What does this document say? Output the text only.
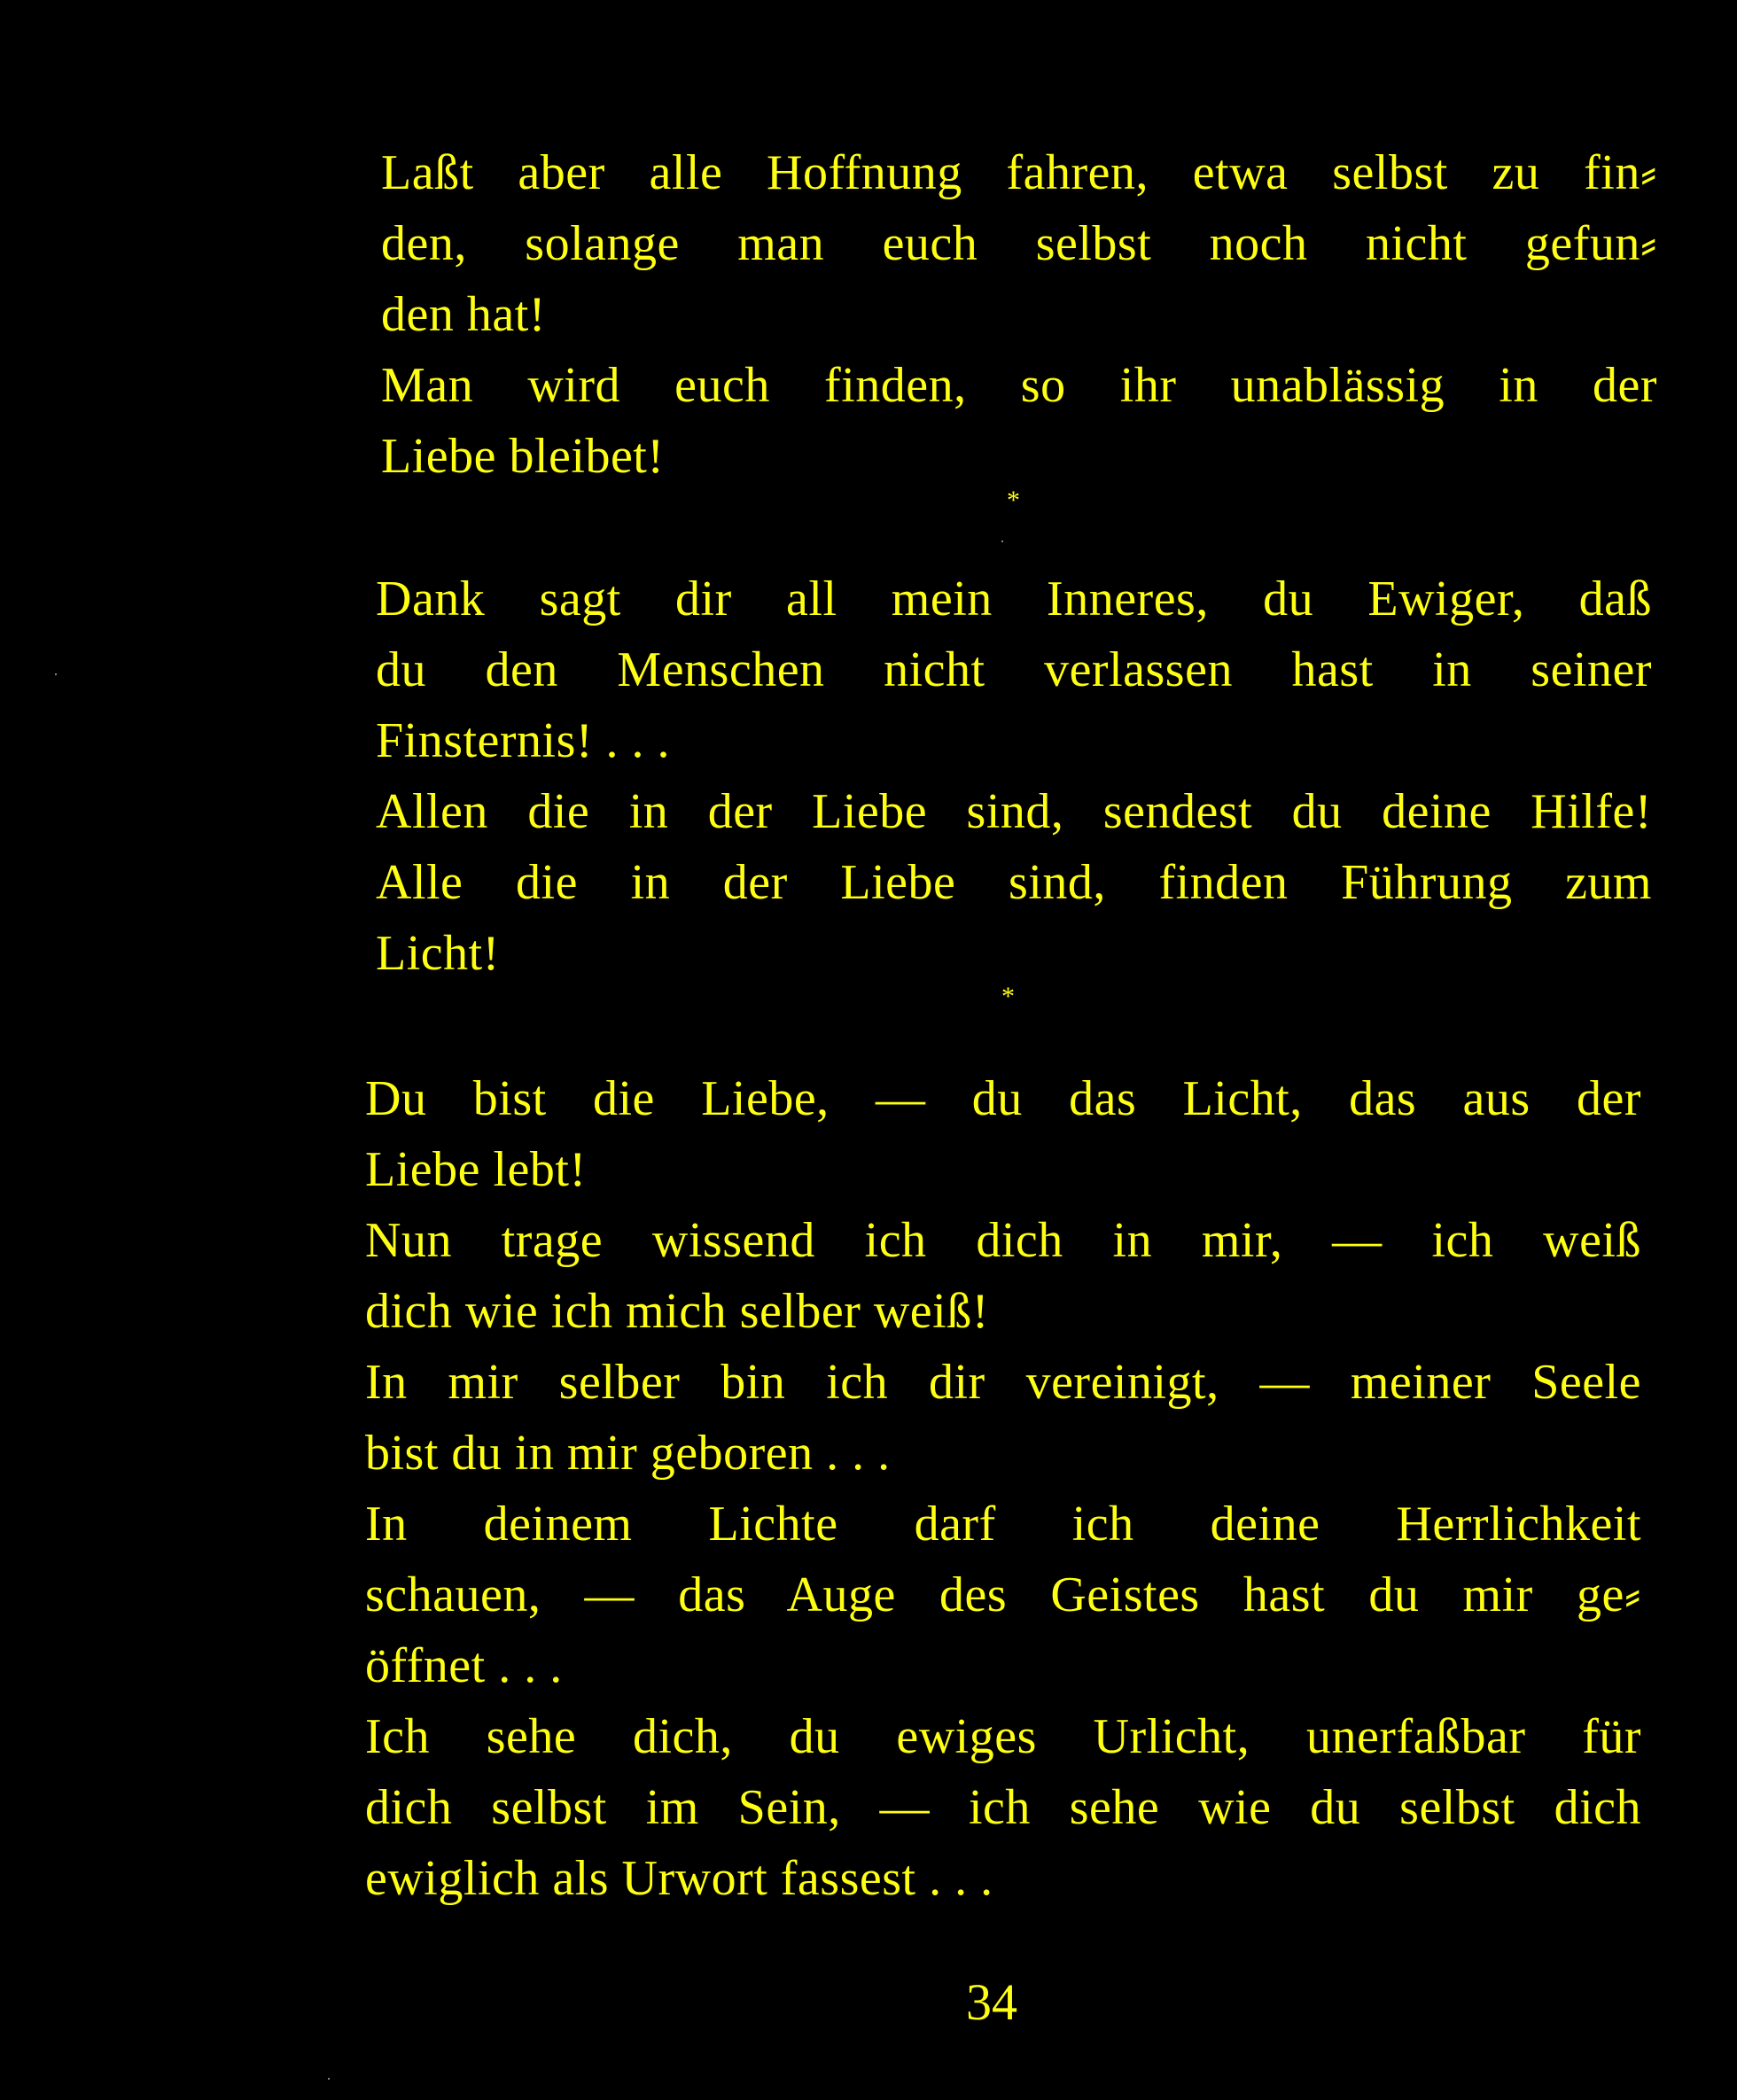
Laßt aber alle Hoffnung fahren, etwa selbst zu fin⸗
den, solange man euch selbst noch nicht gefun⸗
den hat!
Man wird euch finden, so ihr unablässig in der
Liebe bleibet!
*
Dank sagt dir all mein Inneres, du Ewiger, daß
du den Menschen nicht verlassen hast in seiner
Finsternis! . . .
Allen die in der Liebe sind, sendest du deine Hilfe!
Alle die in der Liebe sind, finden Führung zum
Licht!
*
Du bist die Liebe, — du das Licht, das aus der
Liebe lebt!
Nun trage wissend ich dich in mir, — ich weiß
dich wie ich mich selber weiß!
In mir selber bin ich dir vereinigt, — meiner Seele
bist du in mir geboren . . .
In deinem Lichte darf ich deine Herrlichkeit
schauen, — das Auge des Geistes hast du mir ge⸗
öffnet . . .
Ich sehe dich, du ewiges Urlicht, unerfaßbar für
dich selbst im Sein, — ich sehe wie du selbst dich
ewiglich als Urwort fassest . . .
34
